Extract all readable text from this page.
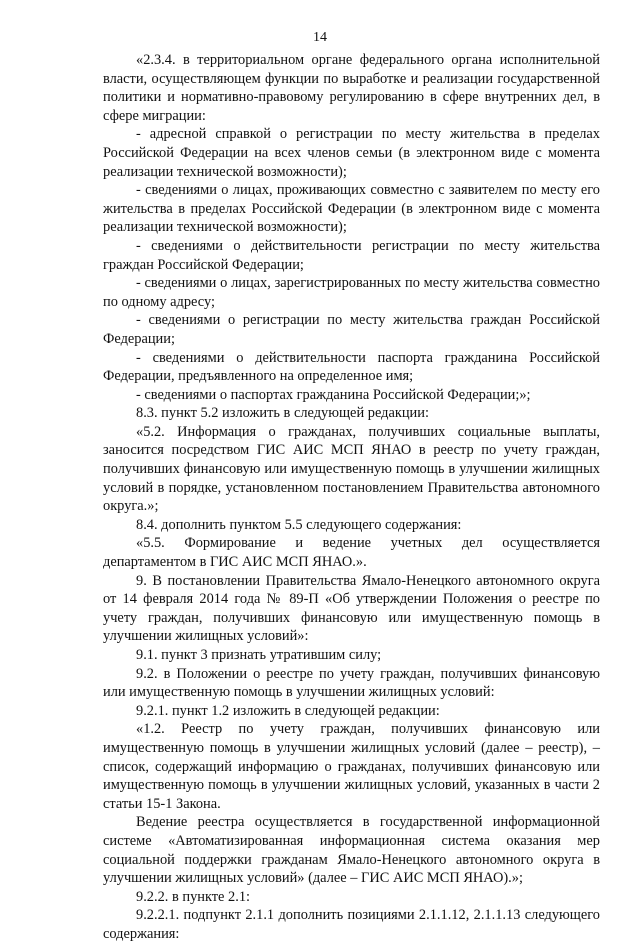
14

«2.3.4. в территориальном органе федерального органа исполнительной власти, осуществляющем функции по выработке и реализации государственной политики и нормативно-правовому регулированию в сфере внутренних дел, в сфере миграции:

- адресной справкой о регистрации по месту жительства в пределах Российской Федерации на всех членов семьи (в электронном виде с момента реализации технической возможности);

- сведениями о лицах, проживающих совместно с заявителем по месту его жительства в пределах Российской Федерации (в электронном виде с момента реализации технической возможности);

- сведениями о действительности регистрации по месту жительства граждан Российской Федерации;

- сведениями о лицах, зарегистрированных по месту жительства совместно по одному адресу;

- сведениями о регистрации по месту жительства граждан Российской Федерации;

- сведениями о действительности паспорта гражданина Российской Федерации, предъявленного на определенное имя;

- сведениями о паспортах гражданина Российской Федерации;»;

8.3. пункт 5.2 изложить в следующей редакции:

«5.2. Информация о гражданах, получивших социальные выплаты, заносится посредством ГИС АИС МСП ЯНАО в реестр по учету граждан, получивших финансовую или имущественную помощь в улучшении жилищных условий в порядке, установленном постановлением Правительства автономного округа.»;

8.4. дополнить пунктом 5.5 следующего содержания:

«5.5. Формирование и ведение учетных дел осуществляется департаментом в ГИС АИС МСП ЯНАО.».

9. В постановлении Правительства Ямало-Ненецкого автономного округа от 14 февраля 2014 года № 89-П «Об утверждении Положения о реестре по учету граждан, получивших финансовую или имущественную помощь в улучшении жилищных условий»:

9.1. пункт 3 признать утратившим силу;

9.2. в Положении о реестре по учету граждан, получивших финансовую или имущественную помощь в улучшении жилищных условий:

9.2.1. пункт 1.2 изложить в следующей редакции:

«1.2. Реестр по учету граждан, получивших финансовую или имущественную помощь в улучшении жилищных условий (далее – реестр), – список, содержащий информацию о гражданах, получивших финансовую или имущественную помощь в улучшении жилищных условий, указанных в части 2 статьи 15-1 Закона.

Ведение реестра осуществляется в государственной информационной системе «Автоматизированная информационная система оказания мер социальной поддержки гражданам Ямало-Ненецкого автономного округа в улучшении жилищных условий» (далее – ГИС АИС МСП ЯНАО).»;

9.2.2. в пункте 2.1:

9.2.2.1. подпункт 2.1.1 дополнить позициями 2.1.1.12, 2.1.1.13 следующего содержания:
